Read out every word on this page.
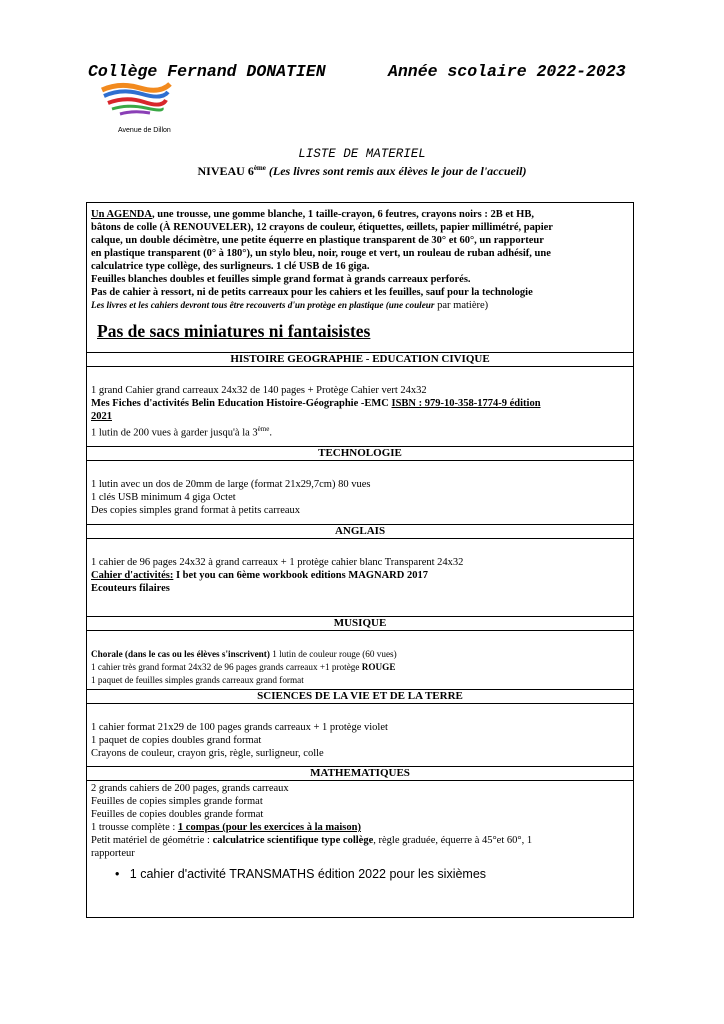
Collège Fernand DONATIEN	Année scolaire 2022-2023
Avenue de Dillon
LISTE DE MATERIEL
NIVEAU 6ème (Les livres sont remis aux élèves le jour de l'accueil)
Un AGENDA, une trousse, une gomme blanche, 1 taille-crayon, 6 feutres, crayons noirs : 2B et HB,
bâtons de colle (À RENOUVELER), 12 crayons de couleur, étiquettes, œillets, papier millimétré, papier
calque, un double décimètre, une petite équerre en plastique transparent de 30° et 60°, un rapporteur
en plastique transparent (0° à 180°), un stylo bleu, noir, rouge et vert, un rouleau de ruban adhésif, une
calculatrice type collège, des surligneurs. 1 clé USB de 16 giga.
Feuilles blanches doubles et feuilles simple grand format à grands carreaux perforés.
Pas de cahier à ressort, ni de petits carreaux pour les cahiers et les feuilles, sauf pour la technologie
Les livres et les cahiers devront tous être recouverts d'un protège en plastique (une couleur par matière)
Pas de sacs miniatures ni fantaisistes
HISTOIRE GEOGRAPHIE - EDUCATION CIVIQUE
1 grand Cahier grand carreaux 24x32 de 140 pages + Protège Cahier vert 24x32
Mes Fiches d'activités Belin Education Histoire-Géographie -EMC ISBN : 979-10-358-1774-9 édition
2021
1 lutin de 200 vues à garder jusqu'à la 3ème.
TECHNOLOGIE
1 lutin avec un dos de 20mm de large (format 21x29,7cm) 80 vues
1 clés USB minimum 4 giga Octet
Des copies simples grand format à petits carreaux
ANGLAIS
1 cahier de 96 pages 24x32 à grand carreaux + 1 protège cahier blanc Transparent 24x32
Cahier d'activités: I bet you can 6ème workbook editions MAGNARD 2017
Ecouteurs filaires
MUSIQUE
Chorale (dans le cas ou les élèves s'inscrivent) 1 lutin de couleur rouge (60 vues)
1 cahier très grand format 24x32 de 96 pages grands carreaux +1 protège ROUGE
1 paquet de feuilles simples grands carreaux grand format
SCIENCES DE LA VIE ET DE LA TERRE
1 cahier format 21x29 de 100 pages grands carreaux + 1 protège violet
1 paquet de copies doubles grand format
Crayons de couleur, crayon gris, règle, surligneur, colle
MATHEMATIQUES
2 grands cahiers de 200 pages, grands carreaux
Feuilles de copies simples grande format
Feuilles de copies doubles grande format
1 trousse complète : 1 compas (pour les exercices à la maison)
Petit matériel de géométrie : calculatrice scientifique type collège, règle graduée, équerre à 45°et 60°, 1
rapporteur
•   1 cahier d'activité TRANSMATHS édition 2022 pour les sixièmes
